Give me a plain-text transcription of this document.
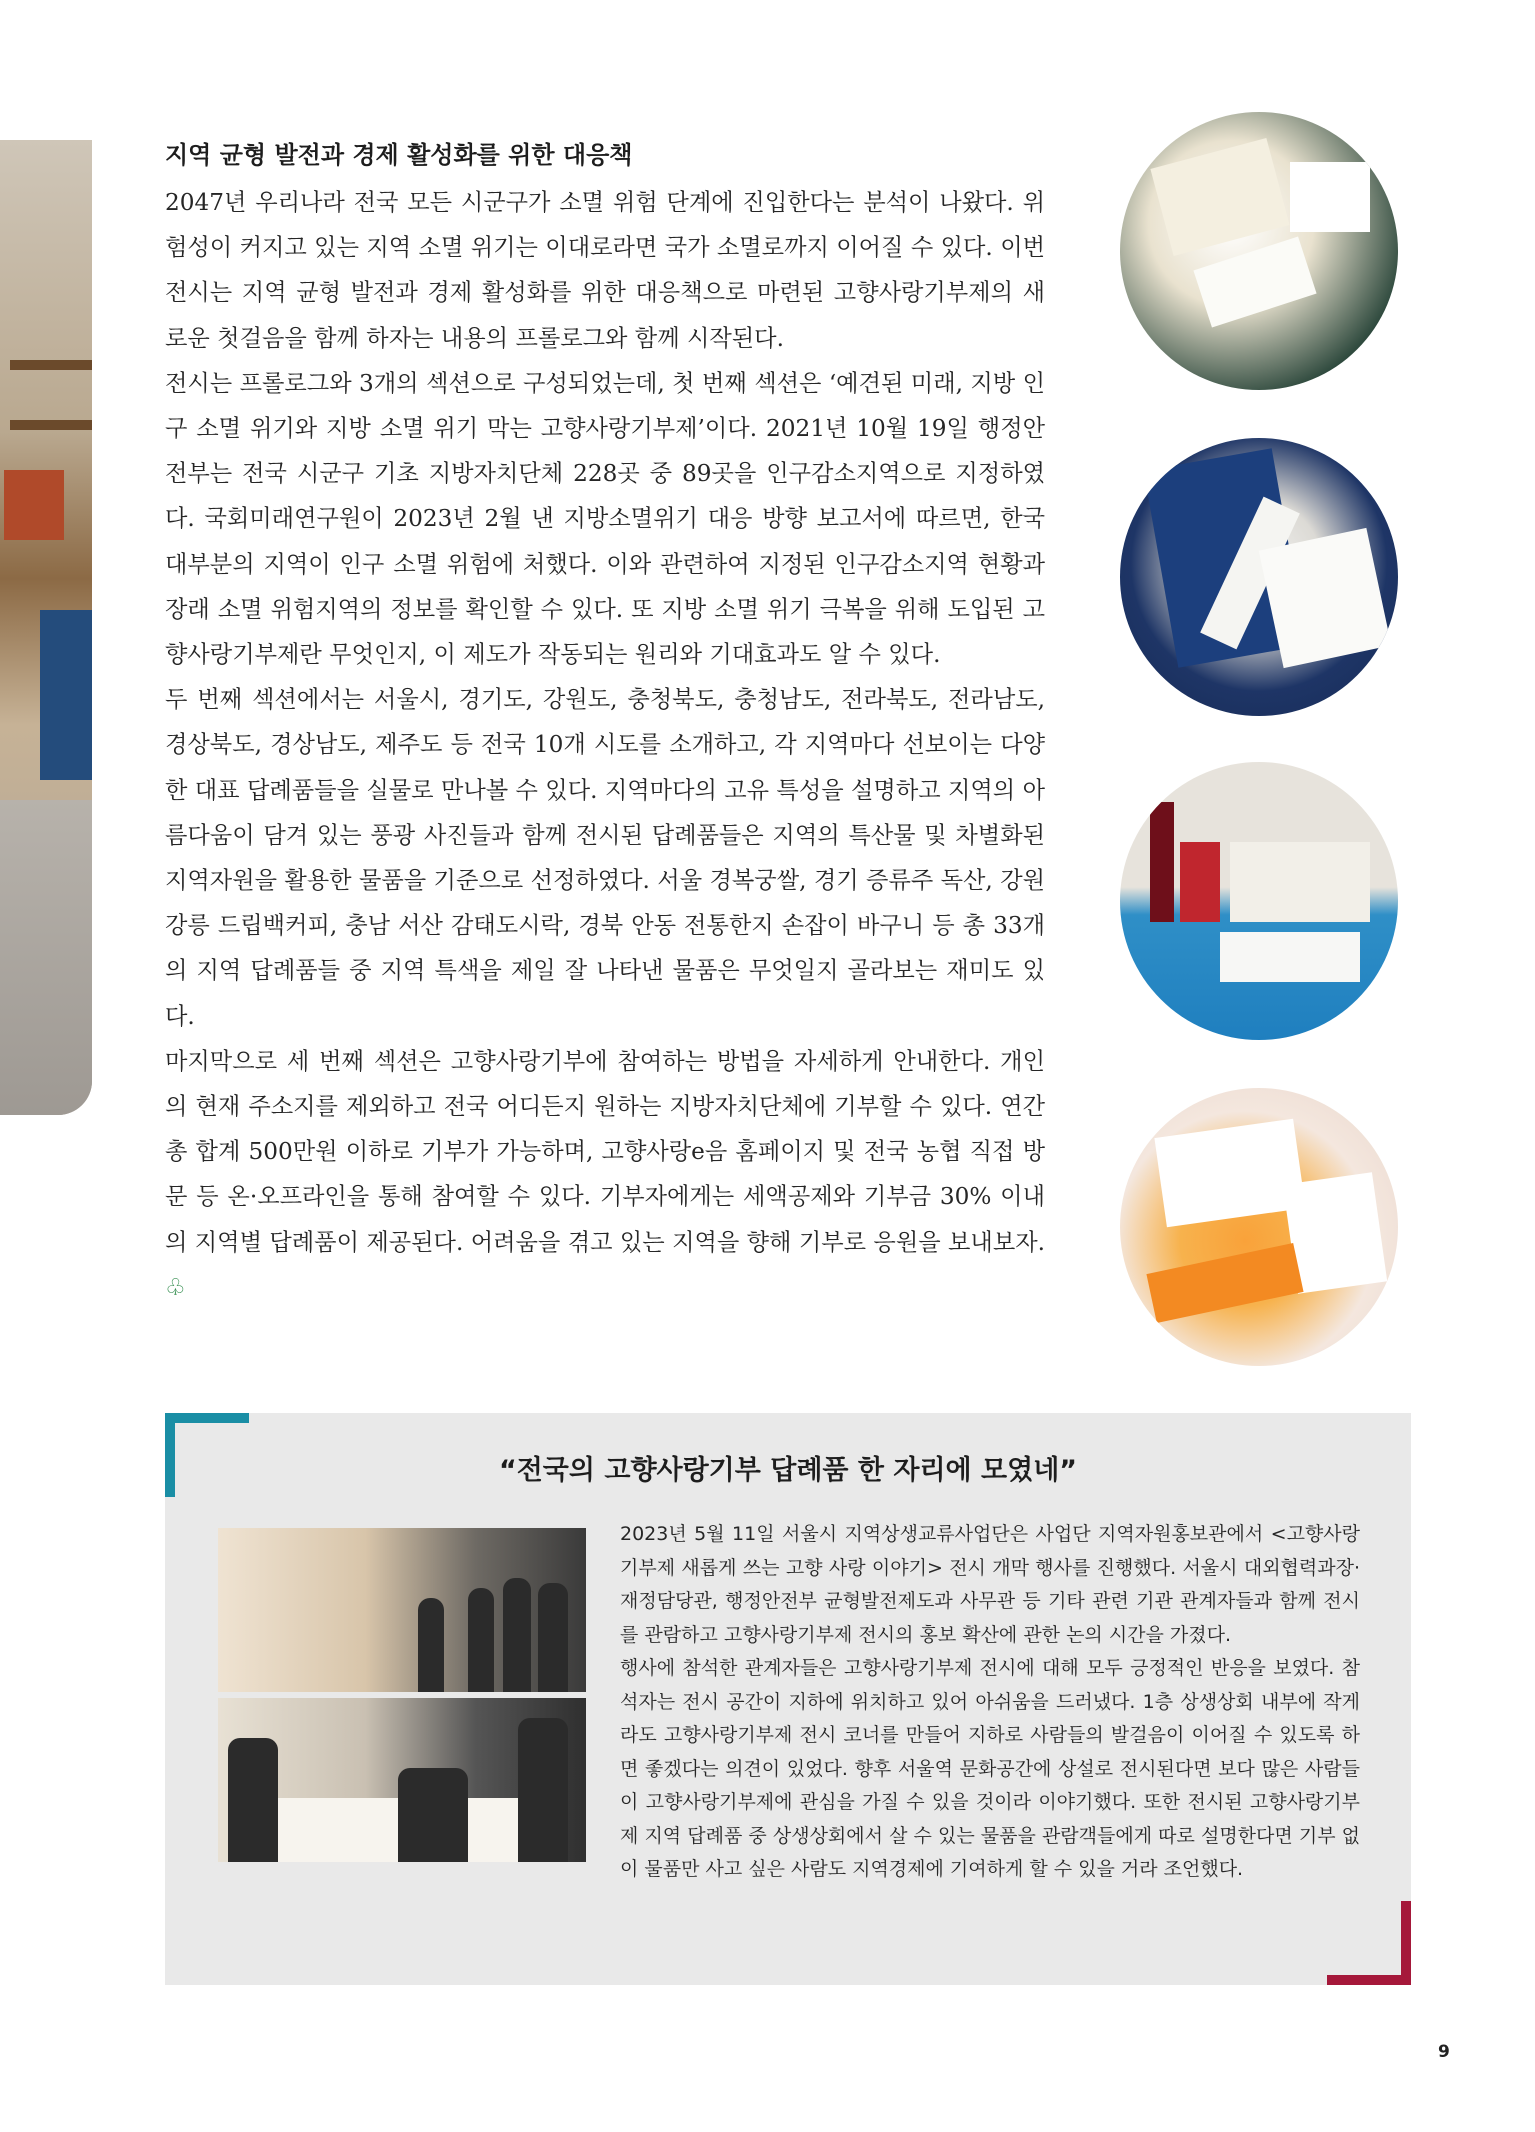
지역 균형 발전과 경제 활성화를 위한 대응책

2047년 우리나라 전국 모든 시군구가 소멸 위험 단계에 진입한다는 분석이 나왔다. 위험성이 커지고 있는 지역 소멸 위기는 이대로라면 국가 소멸로까지 이어질 수 있다. 이번 전시는 지역 균형 발전과 경제 활성화를 위한 대응책으로 마련된 고향사랑기부제의 새로운 첫걸음을 함께 하자는 내용의 프롤로그와 함께 시작된다.

전시는 프롤로그와 3개의 섹션으로 구성되었는데, 첫 번째 섹션은 ‘예견된 미래, 지방 인구 소멸 위기와 지방 소멸 위기 막는 고향사랑기부제’이다. 2021년 10월 19일 행정안전부는 전국 시군구 기초 지방자치단체 228곳 중 89곳을 인구감소지역으로 지정하였다. 국회미래연구원이 2023년 2월 낸 지방소멸위기 대응 방향 보고서에 따르면, 한국 대부분의 지역이 인구 소멸 위험에 처했다. 이와 관련하여 지정된 인구감소지역 현황과 장래 소멸 위험지역의 정보를 확인할 수 있다. 또 지방 소멸 위기 극복을 위해 도입된 고향사랑기부제란 무엇인지, 이 제도가 작동되는 원리와 기대효과도 알 수 있다.

두 번째 섹션에서는 서울시, 경기도, 강원도, 충청북도, 충청남도, 전라북도, 전라남도, 경상북도, 경상남도, 제주도 등 전국 10개 시도를 소개하고, 각 지역마다 선보이는 다양한 대표 답례품들을 실물로 만나볼 수 있다. 지역마다의 고유 특성을 설명하고 지역의 아름다움이 담겨 있는 풍광 사진들과 함께 전시된 답례품들은 지역의 특산물 및 차별화된 지역자원을 활용한 물품을 기준으로 선정하였다. 서울 경복궁쌀, 경기 증류주 독산, 강원 강릉 드립백커피, 충남 서산 감태도시락, 경북 안동 전통한지 손잡이 바구니 등 총 33개의 지역 답례품들 중 지역 특색을 제일 잘 나타낸 물품은 무엇일지 골라보는 재미도 있다.

마지막으로 세 번째 섹션은 고향사랑기부에 참여하는 방법을 자세하게 안내한다. 개인의 현재 주소지를 제외하고 전국 어디든지 원하는 지방자치단체에 기부할 수 있다. 연간 총 합계 500만원 이하로 기부가 가능하며, 고향사랑e음 홈페이지 및 전국 농협 직접 방문 등 온·오프라인을 통해 참여할 수 있다. 기부자에게는 세액공제와 기부금 30% 이내의 지역별 답례품이 제공된다. 어려움을 겪고 있는 지역을 향해 기부로 응원을 보내보자.♧

“전국의 고향사랑기부 답례품 한 자리에 모였네”

2023년 5월 11일 서울시 지역상생교류사업단은 사업단 지역자원홍보관에서 <고향사랑기부제 새롭게 쓰는 고향 사랑 이야기> 전시 개막 행사를 진행했다. 서울시 대외협력과장·재정담당관, 행정안전부 균형발전제도과 사무관 등 기타 관련 기관 관계자들과 함께 전시를 관람하고 고향사랑기부제 전시의 홍보 확산에 관한 논의 시간을 가졌다.

행사에 참석한 관계자들은 고향사랑기부제 전시에 대해 모두 긍정적인 반응을 보였다. 참석자는 전시 공간이 지하에 위치하고 있어 아쉬움을 드러냈다. 1층 상생상회 내부에 작게라도 고향사랑기부제 전시 코너를 만들어 지하로 사람들의 발걸음이 이어질 수 있도록 하면 좋겠다는 의견이 있었다. 향후 서울역 문화공간에 상설로 전시된다면 보다 많은 사람들이 고향사랑기부제에 관심을 가질 수 있을 것이라 이야기했다. 또한 전시된 고향사랑기부제 지역 답례품 중 상생상회에서 살 수 있는 물품을 관람객들에게 따로 설명한다면 기부 없이 물품만 사고 싶은 사람도 지역경제에 기여하게 할 수 있을 거라 조언했다.

9
